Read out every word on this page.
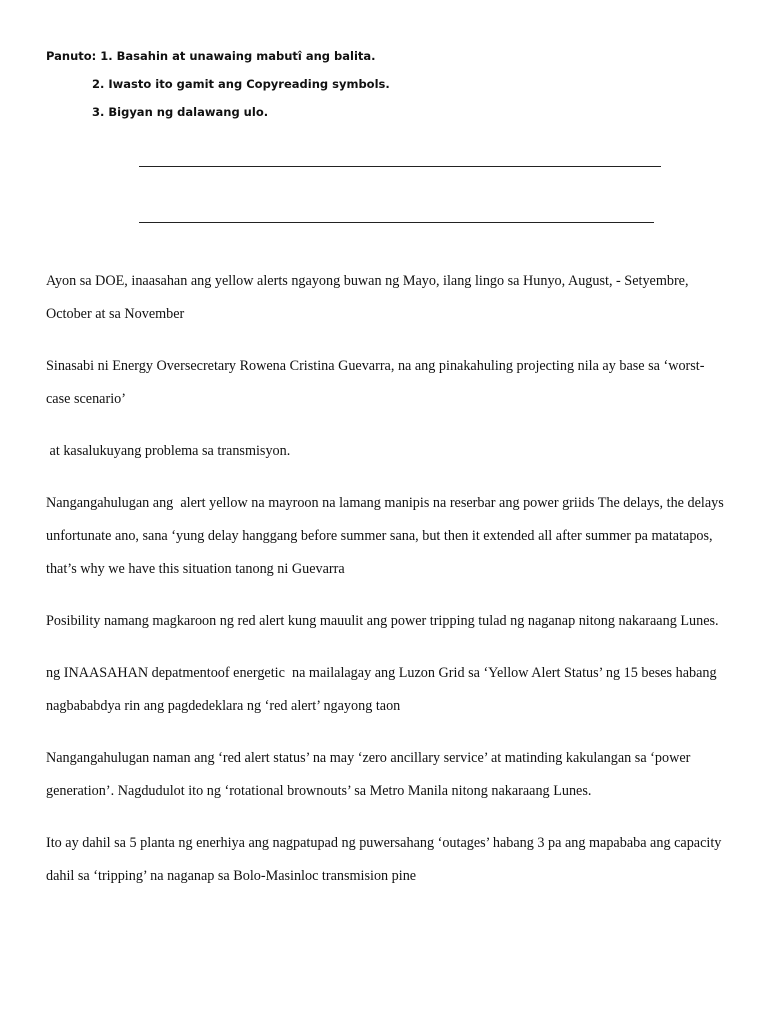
Panuto: 1. Basahin at unawaing mabutî ang balita.
2. Iwasto ito gamit ang Copyreading symbols.
3. Bigyan ng dalawang ulo.

Ayon sa DOE, inaasahan ang yellow alerts ngayong buwan ng Mayo, ilang lingo sa Hunyo, August, - Setyembre, October at sa November

Sinasabi ni Energy Oversecretary Rowena Cristina Guevarra, na ang pinakahuling projecting nila ay base sa ‘worst-case scenario’

at kasalukuyang problema sa transmisyon.

Nangangahulugan ang  alert yellow na mayroon na lamang manipis na reserbar ang power griids The delays, the delays unfortunate ano, sana ‘yung delay hanggang before summer sana, but then it extended all after summer pa matatapos, that’s why we have this situation tanong ni Guevarra

Posibility namang magkaroon ng red alert kung mauulit ang power tripping tulad ng naganap nitong nakaraang Lunes.

ng INAASAHAN depatmentoof energetic  na mailalagay ang Luzon Grid sa ‘Yellow Alert Status’ ng 15 beses habang nagbababdya rin ang pagdedeklara ng ‘red alert’ ngayong taon

Nangangahulugan naman ang ‘red alert status’ na may ‘zero ancillary service’ at matinding kakulangan sa ‘power generation’. Nagdudulot ito ng ‘rotational brownouts’ sa Metro Manila nitong nakaraang Lunes.

Ito ay dahil sa 5 planta ng enerhiya ang nagpatupad ng puwersahang ‘outages’ habang 3 pa ang mapababa ang capacity dahil sa ‘tripping’ na naganap sa Bolo-Masinloc transmision pine
